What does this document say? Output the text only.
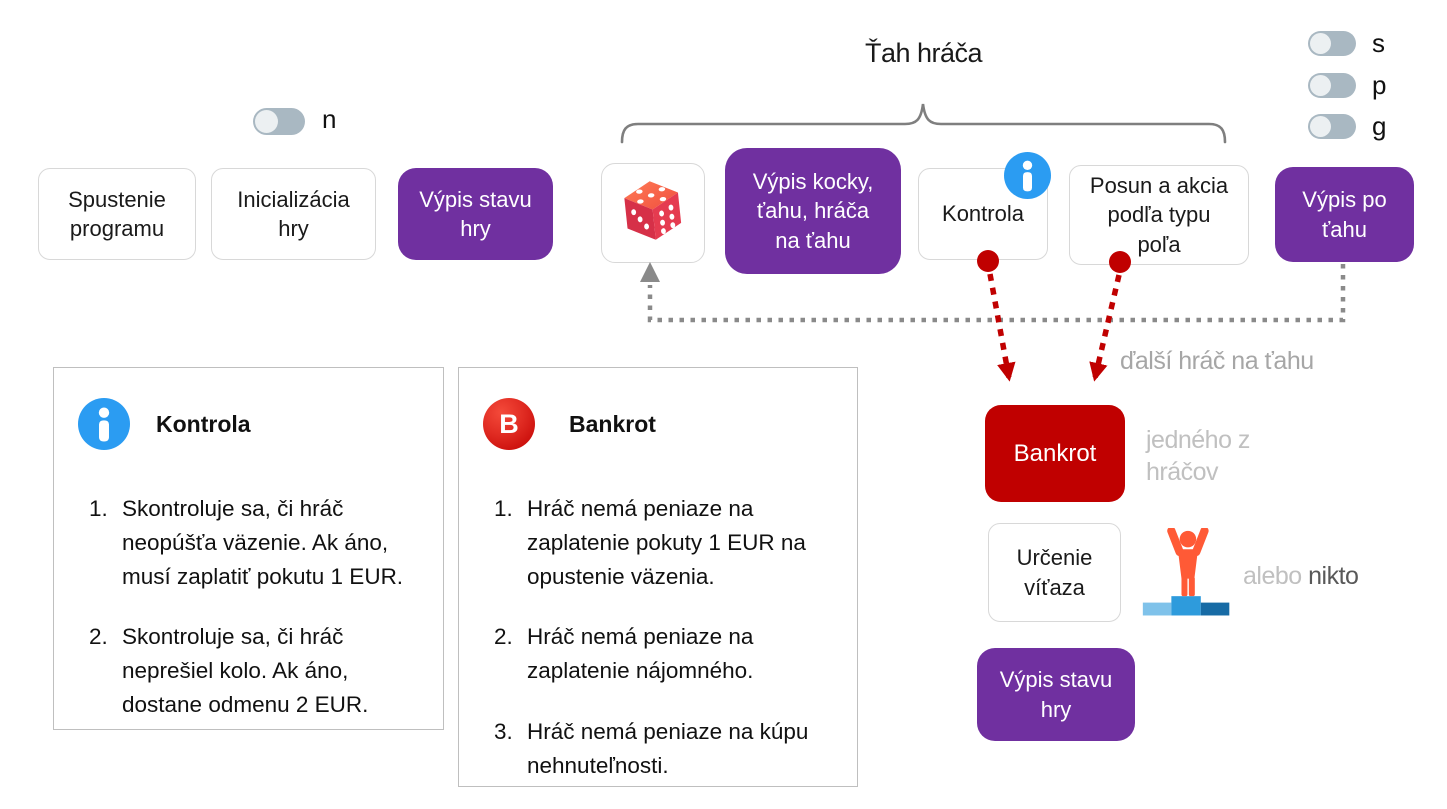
Spustenie programu
Inicializácia hry
Výpis stavu hry
Výpis kocky, ťahu, hráča na ťahu
Kontrola
Posun a akcia podľa typu poľa
Výpis po ťahu
Bankrot
Určenie víťaza
Výpis stavu hry
n
s
p
g
Ťah hráča
ďalší hráč na ťahu
jedného z hráčov
alebo nikto
Kontrola
Skontroluje sa, či hráč neopúšťa väzenie. Ak áno, musí zaplatiť pokutu 1 EUR.
Skontroluje sa, či hráč neprešiel kolo. Ak áno, dostane odmenu 2 EUR.
B	Bankrot
Hráč nemá peniaze na zaplatenie pokuty 1 EUR na opustenie väzenia.
Hráč nemá peniaze na zaplatenie nájomného.
Hráč nemá peniaze na kúpu nehnuteľnosti.
